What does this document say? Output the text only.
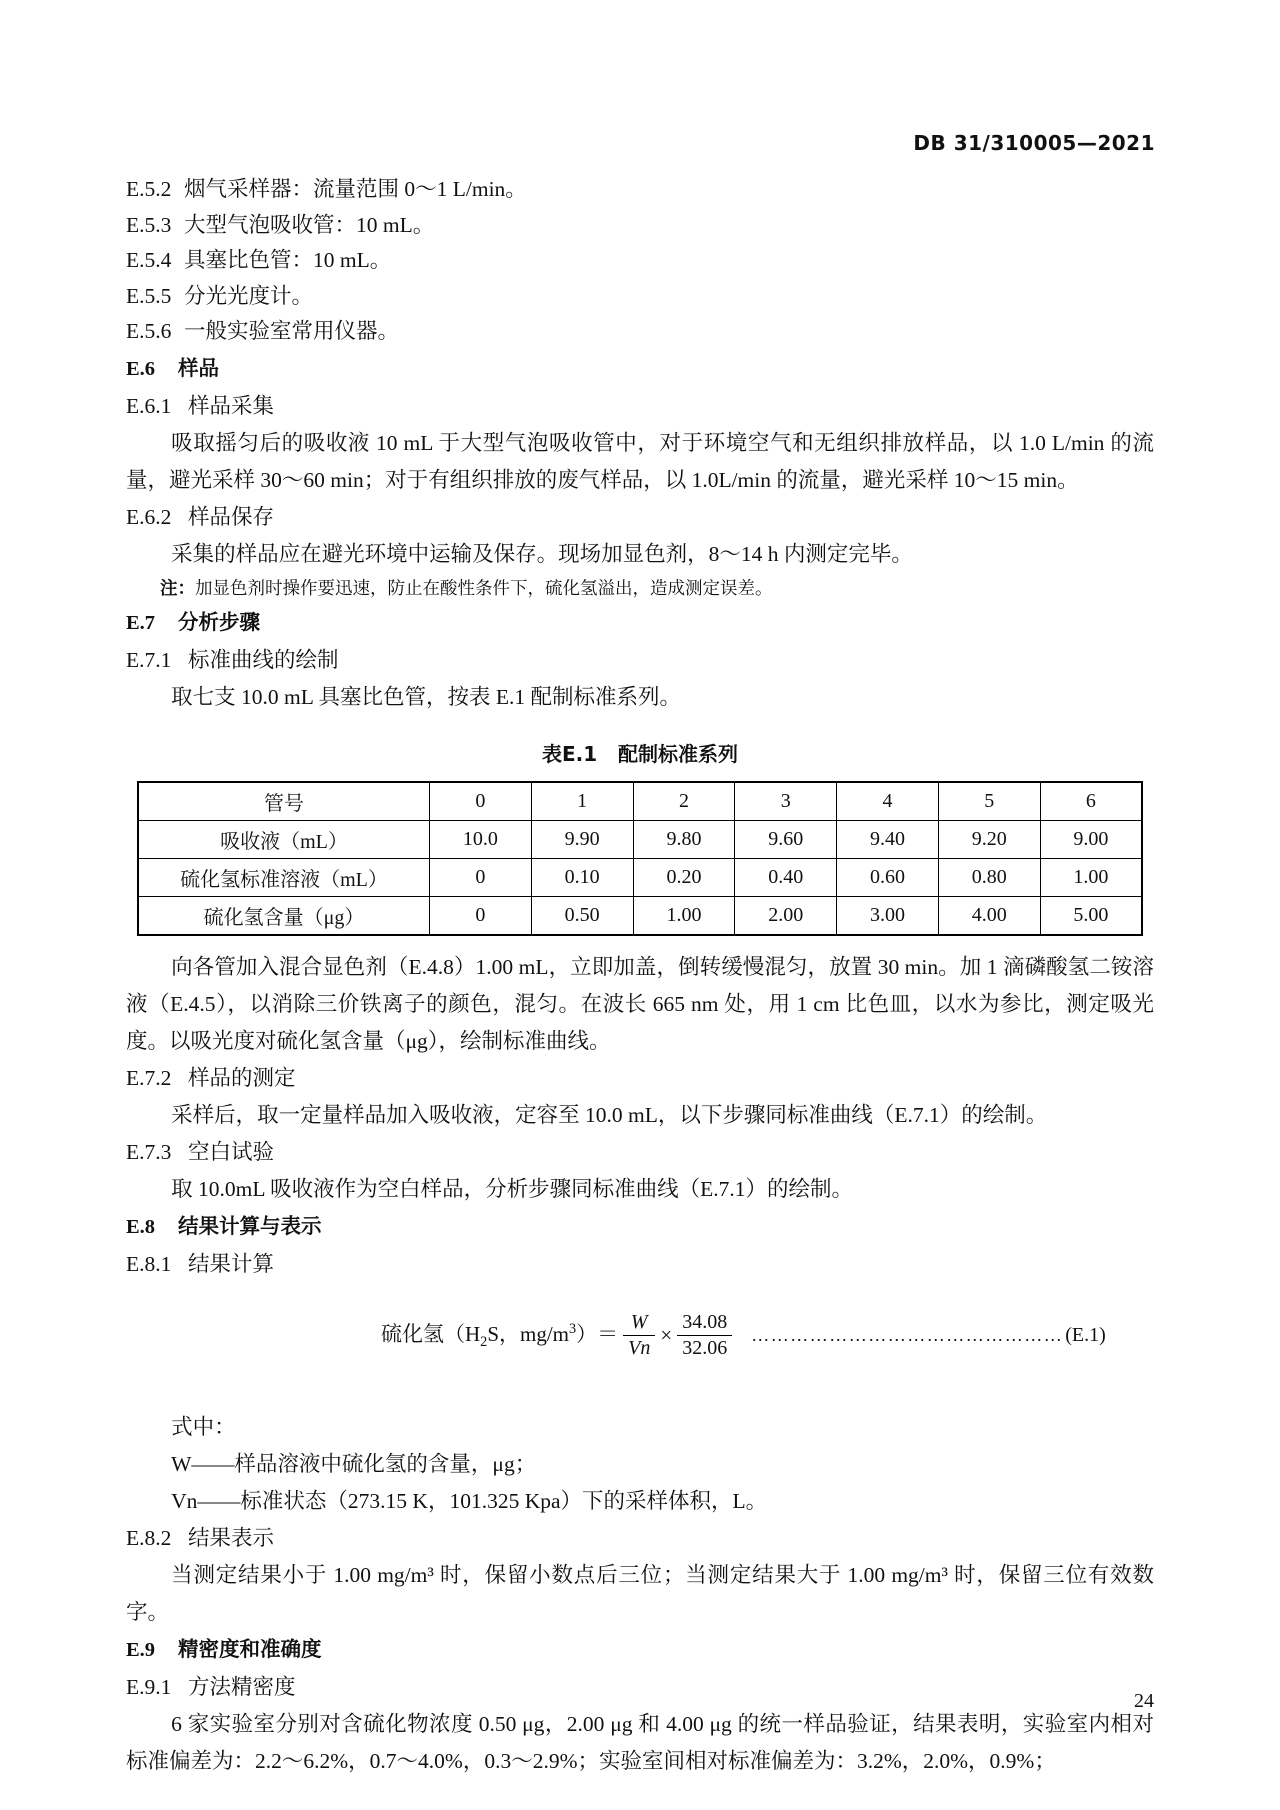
DB 31/310005—2021
E.5.2 烟气采样器：流量范围 0～1 L/min。
E.5.3 大型气泡吸收管：10 mL。
E.5.4 具塞比色管：10 mL。
E.5.5 分光光度计。
E.5.6 一般实验室常用仪器。
E.6 样品
E.6.1 样品采集
吸取摇匀后的吸收液 10 mL 于大型气泡吸收管中，对于环境空气和无组织排放样品，以 1.0 L/min 的流量，避光采样 30～60 min；对于有组织排放的废气样品，以 1.0L/min 的流量，避光采样 10～15 min。
E.6.2 样品保存
采集的样品应在避光环境中运输及保存。现场加显色剂，8～14 h 内测定完毕。
注：加显色剂时操作要迅速，防止在酸性条件下，硫化氢溢出，造成测定误差。
E.7 分析步骤
E.7.1 标准曲线的绘制
取七支 10.0 mL 具塞比色管，按表 E.1 配制标准系列。
表E.1 配制标准系列
管号	0	1	2	3	4	5	6
吸收液（mL）	10.0	9.90	9.80	9.60	9.40	9.20	9.00
硫化氢标准溶液（mL）	0	0.10	0.20	0.40	0.60	0.80	1.00
硫化氢含量（μg）	0	0.50	1.00	2.00	3.00	4.00	5.00
向各管加入混合显色剂（E.4.8）1.00 mL，立即加盖，倒转缓慢混匀，放置 30 min。加 1 滴磷酸氢二铵溶液（E.4.5），以消除三价铁离子的颜色，混匀。在波长 665 nm 处，用 1 cm 比色皿，以水为参比，测定吸光度。以吸光度对硫化氢含量（μg），绘制标准曲线。
E.7.2 样品的测定
采样后，取一定量样品加入吸收液，定容至 10.0 mL，以下步骤同标准曲线（E.7.1）的绘制。
E.7.3 空白试验
取 10.0mL 吸收液作为空白样品，分析步骤同标准曲线（E.7.1）的绘制。
E.8 结果计算与表示
E.8.1 结果计算
硫化氢（$H_2S$，$mg/m^3)= \frac{W}{Vn} \times \frac{34.08}{32.06}$ ………………………………………… (E.1)
式中：
W——样品溶液中硫化氢的含量，μg；
Vn——标准状态（273.15 K，101.325 Kpa）下的采样体积，L。
E.8.2 结果表示
当测定结果小于 1.00 mg/m³ 时，保留小数点后三位；当测定结果大于 1.00 mg/m³ 时，保留三位有效数字。
E.9 精密度和准确度
E.9.1 方法精密度
6 家实验室分别对含硫化物浓度 0.50 μg，2.00 μg 和 4.00 μg 的统一样品验证，结果表明，实验室内相对标准偏差为：2.2～6.2%，0.7～4.0%，0.3～2.9%；实验室间相对标准偏差为：3.2%，2.0%，0.9%；
24
